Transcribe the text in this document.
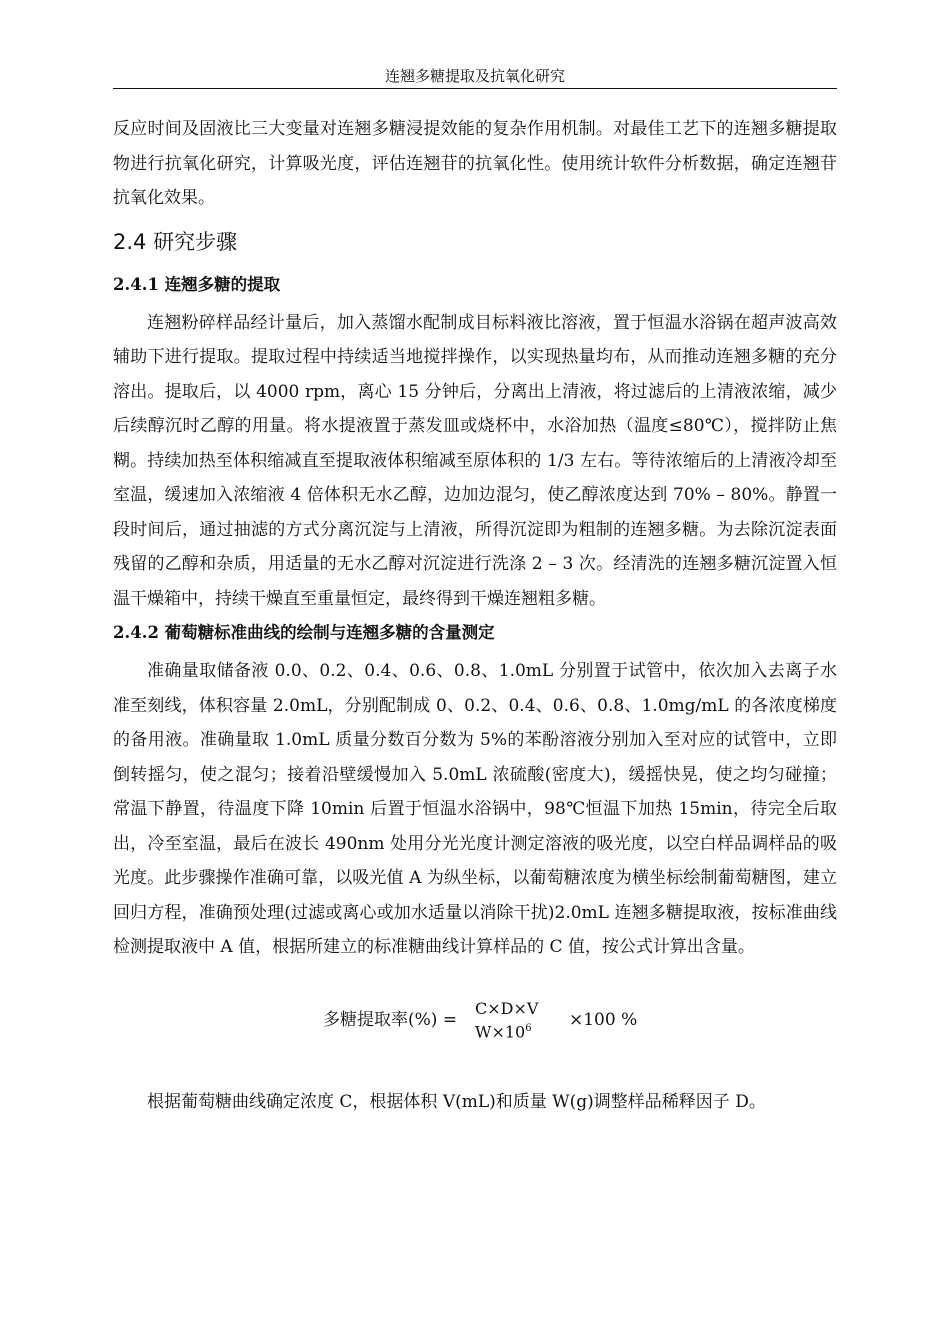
连翘多糖提取及抗氧化研究

反应时间及固液比三大变量对连翘多糖浸提效能的复杂作用机制。对最佳工艺下的连翘多糖提取物进行抗氧化研究，计算吸光度，评估连翘苷的抗氧化性。使用统计软件分析数据，确定连翘苷抗氧化效果。

2.4 研究步骤
2.4.1 连翘多糖的提取

连翘粉碎样品经计量后，加入蒸馏水配制成目标料液比溶液，置于恒温水浴锅在超声波高效辅助下进行提取。提取过程中持续适当地搅拌操作，以实现热量均布，从而推动连翘多糖的充分溶出。提取后，以 4000 rpm，离心 15 分钟后，分离出上清液，将过滤后的上清液浓缩，减少后续醇沉时乙醇的用量。将水提液置于蒸发皿或烧杯中，水浴加热（温度≤80℃），搅拌防止焦糊。持续加热至体积缩减直至提取液体积缩减至原体积的 1/3 左右。等待浓缩后的上清液冷却至室温，缓速加入浓缩液 4 倍体积无水乙醇，边加边混匀，使乙醇浓度达到 70% – 80%。静置一段时间后，通过抽滤的方式分离沉淀与上清液，所得沉淀即为粗制的连翘多糖。为去除沉淀表面残留的乙醇和杂质，用适量的无水乙醇对沉淀进行洗涤 2 – 3 次。经清洗的连翘多糖沉淀置入恒温干燥箱中，持续干燥直至重量恒定，最终得到干燥连翘粗多糖。

2.4.2 葡萄糖标准曲线的绘制与连翘多糖的含量测定

准确量取储备液 0.0、0.2、0.4、0.6、0.8、1.0mL 分别置于试管中，依次加入去离子水准至刻线，体积容量 2.0mL，分别配制成 0、0.2、0.4、0.6、0.8、1.0mg/mL 的各浓度梯度的备用液。准确量取 1.0mL 质量分数百分数为 5%的苯酚溶液分别加入至对应的试管中，立即倒转摇匀，使之混匀；接着沿壁缓慢加入 5.0mL 浓硫酸(密度大)，缓摇快晃，使之均匀碰撞；常温下静置，待温度下降 10min 后置于恒温水浴锅中，98℃恒温下加热 15min，待完全后取出，冷至室温，最后在波长 490nm 处用分光光度计测定溶液的吸光度，以空白样品调样品的吸光度。此步骤操作准确可靠，以吸光值 A 为纵坐标，以葡萄糖浓度为横坐标绘制葡萄糖图，建立回归方程，准确预处理(过滤或离心或加水适量以消除干扰)2.0mL 连翘多糖提取液，按标准曲线检测提取液中 A 值，根据所建立的标准糖曲线计算样品的 C 值，按公式计算出含量。

多糖提取率(%) =
C×D×V
$W\times 10^6$	×100 %

根据葡萄糖曲线确定浓度 C，根据体积 V(mL)和质量 W(g)调整样品稀释因子 D。
